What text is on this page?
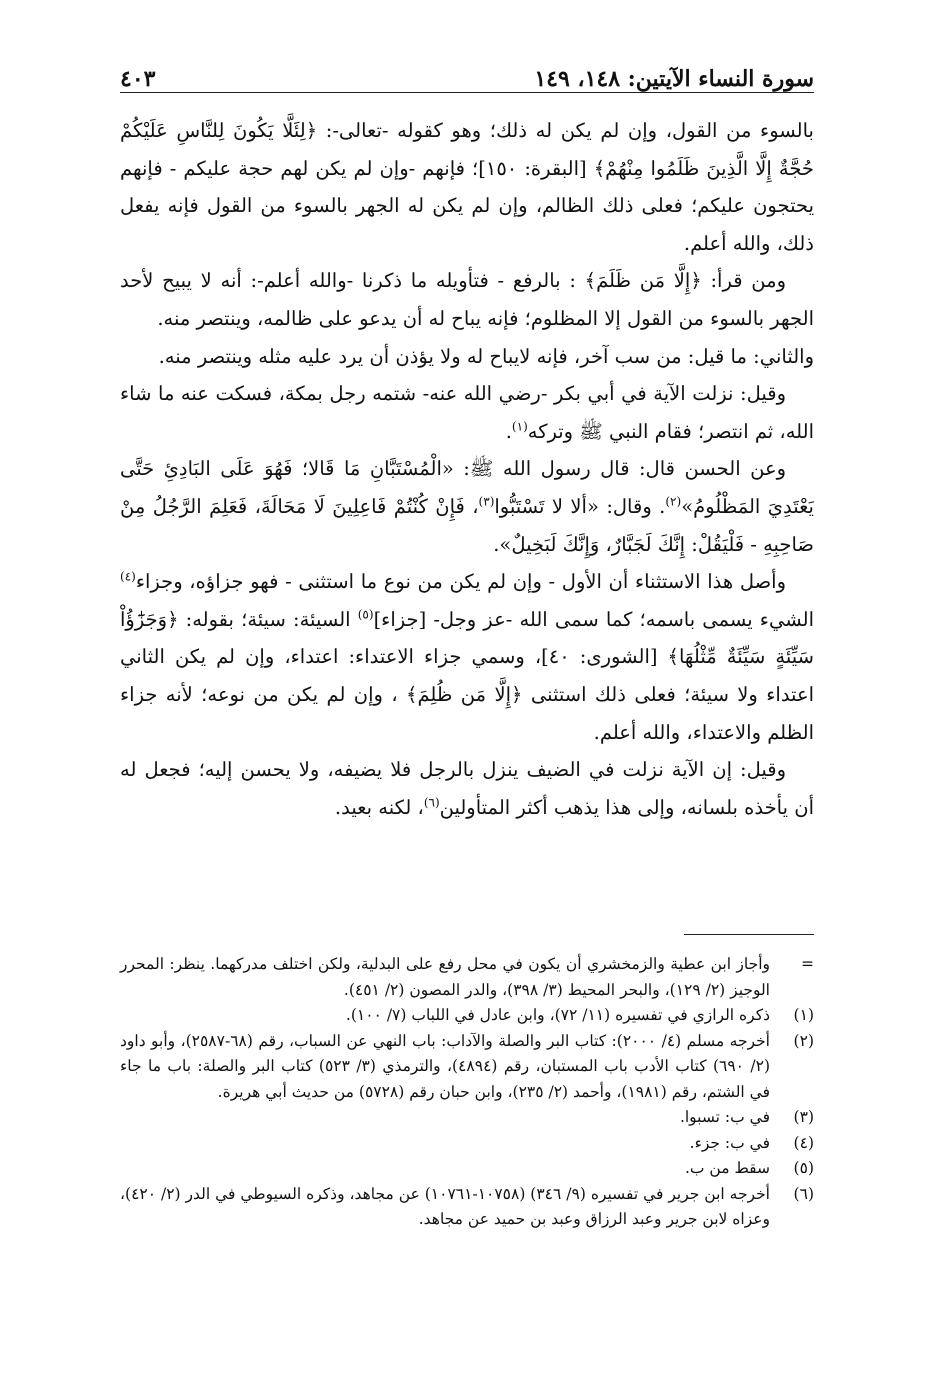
سورة النساء الآيتين: ١٤٨، ١٤٩
٤٠٣

بالسوء من القول، وإن لم يكن له ذلك؛ وهو كقوله -تعالى-: ﴿لِئَلَّا يَكُونَ لِلنَّاسِ عَلَيْكُمْ حُجَّةٌ إِلَّا الَّذِينَ ظَلَمُوا مِنْهُمْ﴾ [البقرة: ١٥٠]؛ فإنهم -وإن لم يكن لهم حجة عليكم - فإنهم يحتجون عليكم؛ فعلى ذلك الظالم، وإن لم يكن له الجهر بالسوء من القول فإنه يفعل ذلك، والله أعلم.

ومن قرأ: ﴿إِلَّا مَن ظَلَمَ﴾ : بالرفع - فتأويله ما ذكرنا -والله أعلم-: أنه لا يبيح لأحد الجهر بالسوء من القول إلا المظلوم؛ فإنه يباح له أن يدعو على ظالمه، وينتصر منه.

والثاني: ما قيل: من سب آخر، فإنه لايباح له ولا يؤذن أن يرد عليه مثله وينتصر منه.

وقيل: نزلت الآية في أبي بكر -رضي الله عنه- شتمه رجل بمكة، فسكت عنه ما شاء الله، ثم انتصر؛ فقام النبي ﷺ وتركه$^{(١)}$.

وعن الحسن قال: قال رسول الله ﷺ: «الْمُسْتَبَّانِ مَا قَالا؛ فَهُوَ عَلَى البَادِئِ حَتَّى يَعْتَدِيَ المَظْلُومُ»$^{(٢)}$. وقال: «ألا لا تَسْتَبُّوا$^{(٣)}$، فَإِنْ كُنْتُمْ فَاعِلِينَ لَا مَحَالَةَ، فَعَلِمَ الرَّجُلُ مِنْ صَاحِبِهِ - فَلْيَقُلْ: إِنَّكَ لَجَبَّارٌ، وَإِنَّكَ لَبَخِيلٌ».

وأصل هذا الاستثناء أن الأول - وإن لم يكن من نوع ما استثنى - فهو جزاؤه، وجزاء$^{(٤)}$ الشيء يسمى باسمه؛ كما سمى الله -عز وجل- [جزاء]$^{(٥)}$ السيئة: سيئة؛ بقوله: ﴿وَجَزَٰٓؤُاْ سَيِّئَةٍ سَيِّئَةٌ مِّثْلُهَا﴾ [الشورى: ٤٠]، وسمي جزاء الاعتداء: اعتداء، وإن لم يكن الثاني اعتداء ولا سيئة؛ فعلى ذلك استثنى ﴿إِلَّا مَن ظُلِمَ﴾ ، وإن لم يكن من نوعه؛ لأنه جزاء الظلم والاعتداء، والله أعلم.

وقيل: إن الآية نزلت في الضيف ينزل بالرجل فلا يضيفه، ولا يحسن إليه؛ فجعل له أن يأخذه بلسانه، وإلى هذا يذهب أكثر المتأولين$^{(٦)}$، لكنه بعيد.

=
وأجاز ابن عطية والزمخشري أن يكون في محل رفع على البدلية، ولكن اختلف مدركهما. ينظر: المحرر الوجيز (٢/ ١٢٩)، والبحر المحيط (٣/ ٣٩٨)، والدر المصون (٢/ ٤٥١).
(١)
ذكره الرازي في تفسيره (١١/ ٧٢)، وابن عادل في اللباب (٧/ ١٠٠).
(٢)
أخرجه مسلم (٤/ ٢٠٠٠): كتاب البر والصلة والآداب: باب النهي عن السباب، رقم (٦٨-٢٥٨٧)، وأبو داود (٢/ ٦٩٠) كتاب الأدب باب المستبان، رقم (٤٨٩٤)، والترمذي (٣/ ٥٢٣) كتاب البر والصلة: باب ما جاء في الشتم، رقم (١٩٨١)، وأحمد (٢/ ٢٣٥)، وابن حبان رقم (٥٧٢٨) من حديث أبي هريرة.
(٣)
في ب: تسبوا.
(٤)
في ب: جزء.
(٥)
سقط من ب.
(٦)
أخرجه ابن جرير في تفسيره (٩/ ٣٤٦) (١٠٧٥٨-١٠٧٦١) عن مجاهد، وذكره السيوطي في الدر (٢/ ٤٢٠)، وعزاه لابن جرير وعبد الرزاق وعبد بن حميد عن مجاهد.
